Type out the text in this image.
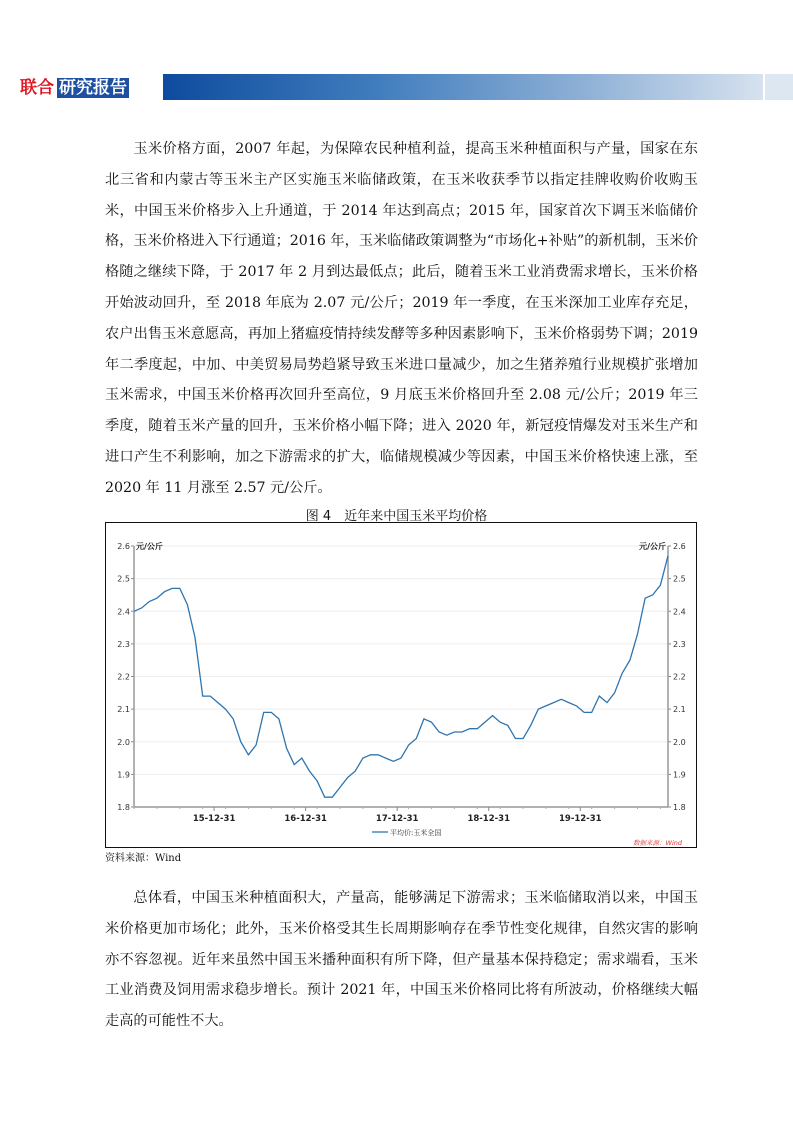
联合 研究报告

玉米价格方面，2007 年起，为保障农民种植利益，提高玉米种植面积与产量，国家在东北三省和内蒙古等玉米主产区实施玉米临储政策，在玉米收获季节以指定挂牌收购价收购玉米，中国玉米价格步入上升通道，于 2014 年达到高点；2015 年，国家首次下调玉米临储价格，玉米价格进入下行通道；2016 年，玉米临储政策调整为“市场化+补贴”的新机制，玉米价格随之继续下降，于 2017 年 2 月到达最低点；此后，随着玉米工业消费需求增长，玉米价格开始波动回升，至 2018 年底为 2.07 元/公斤；2019 年一季度，在玉米深加工业库存充足，农户出售玉米意愿高，再加上猪瘟疫情持续发酵等多种因素影响下，玉米价格弱势下调；2019 年二季度起，中加、中美贸易局势趋紧导致玉米进口量减少，加之生猪养殖行业规模扩张增加玉米需求，中国玉米价格再次回升至高位，9 月底玉米价格回升至 2.08 元/公斤；2019 年三季度，随着玉米产量的回升，玉米价格小幅下降；进入 2020 年，新冠疫情爆发对玉米生产和进口产生不利影响，加之下游需求的扩大，临储规模减少等因素，中国玉米价格快速上涨，至 2020 年 11 月涨至 2.57 元/公斤。

图 4　近年来中国玉米平均价格
1.8	1.8
1.9	1.9
2.0	2.0
2.1	2.1
2.2	2.2
2.3	2.3
2.4	2.4
2.5	2.5
2.6	2.6
元/公斤	元/公斤
15-12-31	16-12-31	17-12-31	18-12-31	19-12-31
平均价:玉米全国
数据来源：Wind
资料来源：Wind

总体看，中国玉米种植面积大，产量高，能够满足下游需求；玉米临储取消以来，中国玉米价格更加市场化；此外，玉米价格受其生长周期影响存在季节性变化规律，自然灾害的影响亦不容忽视。近年来虽然中国玉米播种面积有所下降，但产量基本保持稳定；需求端看，玉米工业消费及饲用需求稳步增长。预计 2021 年，中国玉米价格同比将有所波动，价格继续大幅走高的可能性不大。
